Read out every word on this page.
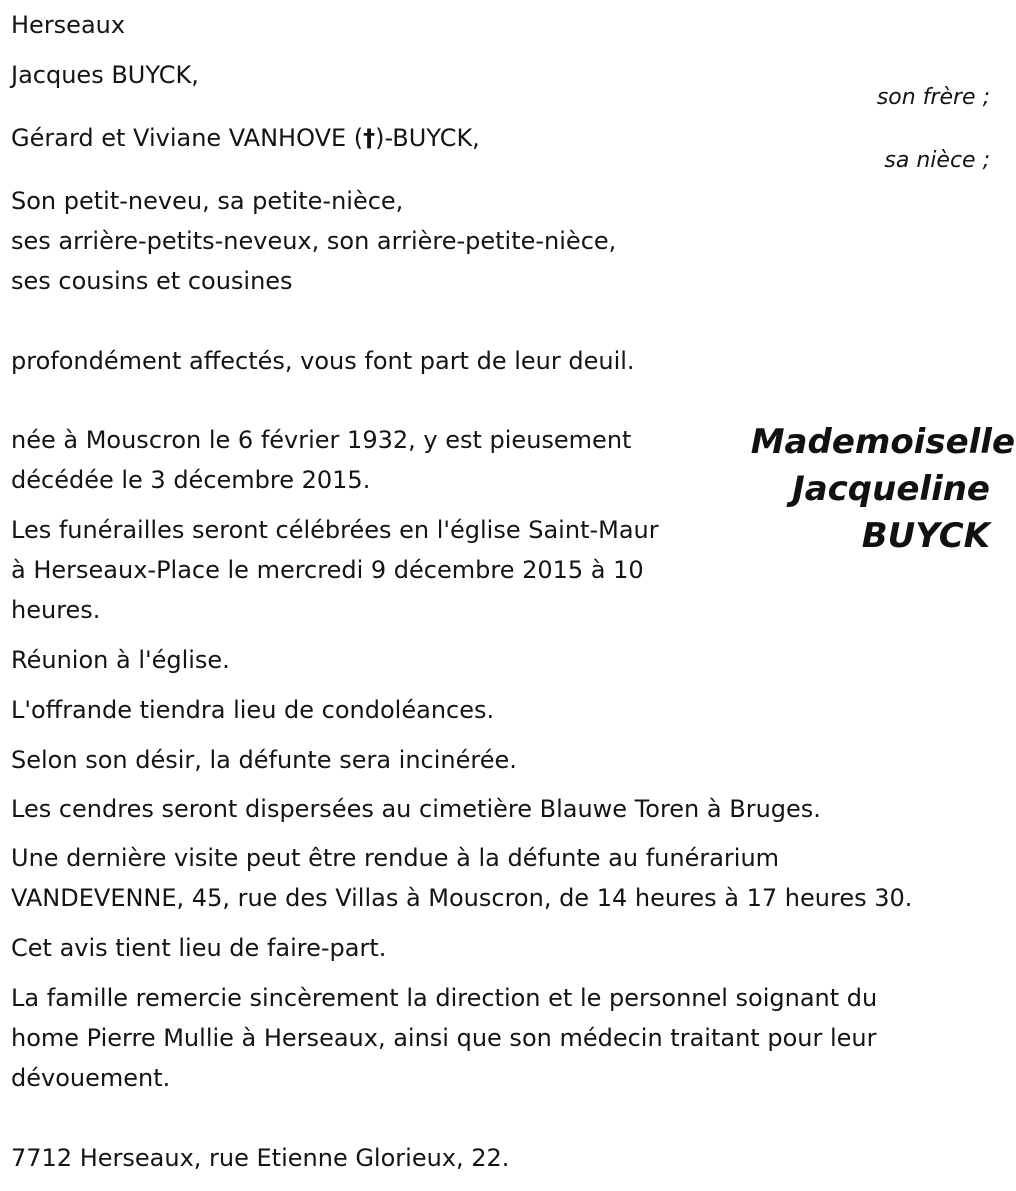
Herseaux
Jacques BUYCK,
son frère ;
Gérard et Viviane VANHOVE (†)-BUYCK,
sa nièce ;
Son petit-neveu, sa petite-nièce,
ses arrière-petits-neveux, son arrière-petite-nièce,
ses cousins et cousines
profondément affectés, vous font part de leur deuil.
Mademoiselle
Jacqueline
BUYCK
née à Mouscron le 6 février 1932, y est pieusement
décédée le 3 décembre 2015.
Les funérailles seront célébrées en l'église Saint-Maur
à Herseaux-Place le mercredi 9 décembre 2015 à 10
heures.
Réunion à l'église.
L'offrande tiendra lieu de condoléances.
Selon son désir, la défunte sera incinérée.
Les cendres seront dispersées au cimetière Blauwe Toren à Bruges.
Une dernière visite peut être rendue à la défunte au funérarium
VANDEVENNE, 45, rue des Villas à Mouscron, de 14 heures à 17 heures 30.
Cet avis tient lieu de faire-part.
La famille remercie sincèrement la direction et le personnel soignant du
home Pierre Mullie à Herseaux, ainsi que son médecin traitant pour leur
dévouement.
7712 Herseaux, rue Etienne Glorieux, 22.
